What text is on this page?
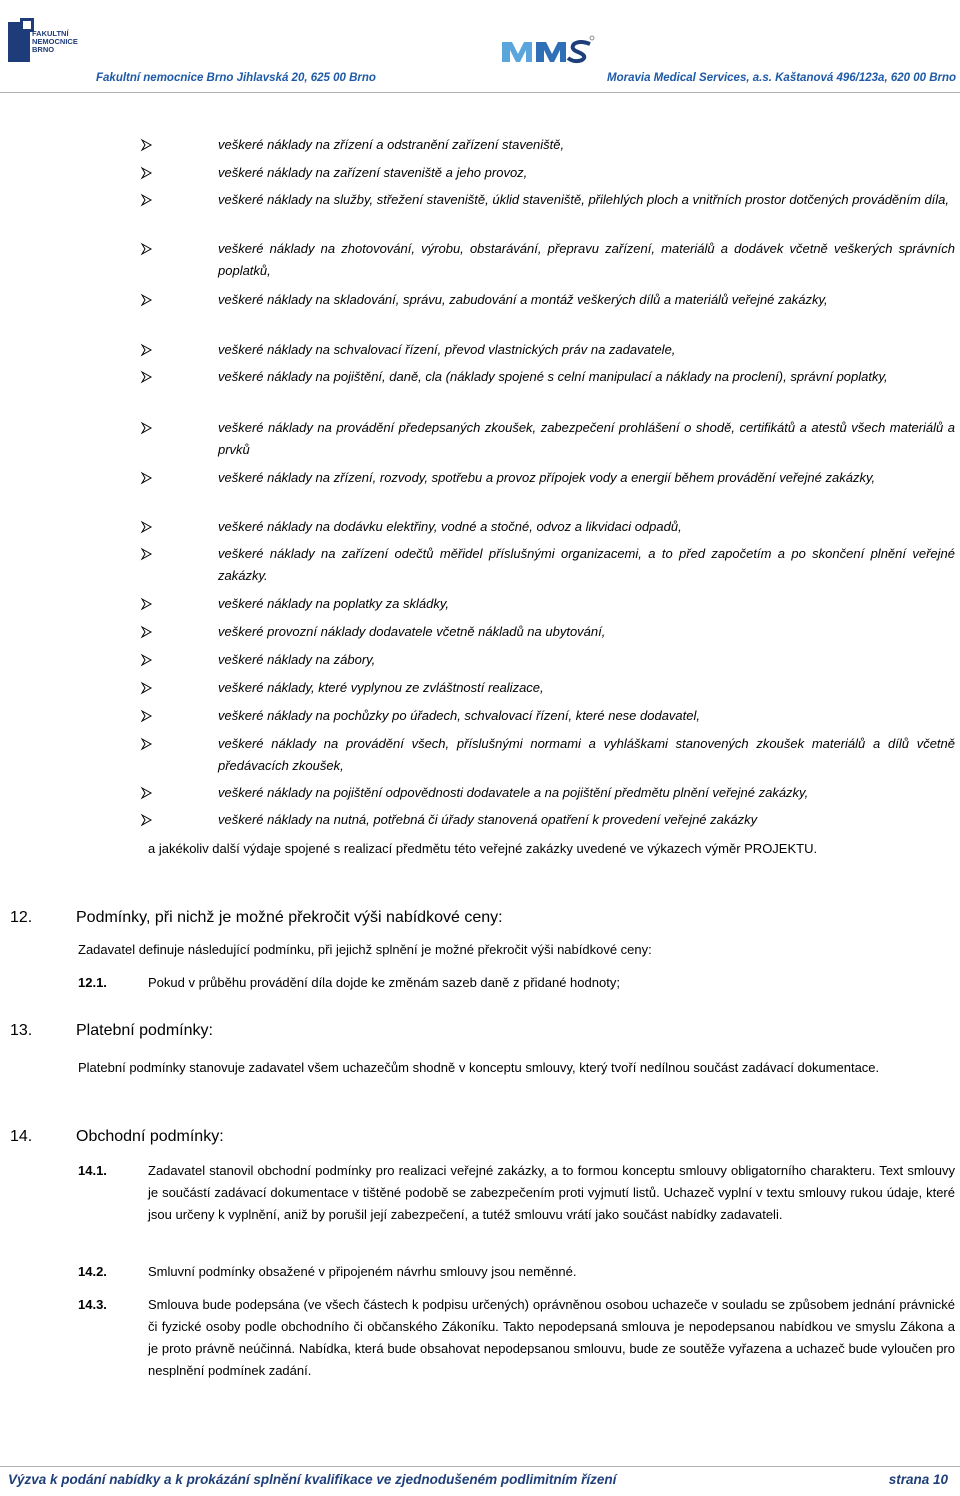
FAKULTNÍ
NEMOCNICE
BRNO
Fakultní nemocnice Brno Jihlavská 20, 625 00 Brno	Moravia Medical Services, a.s. Kaštanová 496/123a, 620 00 Brno
veškeré náklady na zřízení a odstranění zařízení staveniště,
veškeré náklady na zařízení staveniště a jeho provoz,
veškeré náklady na služby, střežení staveniště, úklid staveniště, přilehlých ploch a vnitřních prostor dotčených prováděním díla,
veškeré náklady na zhotovování, výrobu, obstarávání, přepravu zařízení, materiálů a dodávek včetně veškerých správních poplatků,
veškeré náklady na skladování, správu, zabudování a montáž veškerých dílů a materiálů veřejné zakázky,
veškeré náklady na schvalovací řízení, převod vlastnických práv na zadavatele,
veškeré náklady na pojištění, daně, cla (náklady spojené s celní manipulací a náklady na proclení), správní poplatky,
veškeré náklady na provádění předepsaných zkoušek, zabezpečení prohlášení o shodě, certifikátů a atestů všech materiálů a prvků
veškeré náklady na zřízení, rozvody, spotřebu a provoz přípojek vody a energií během provádění veřejné zakázky,
veškeré náklady na dodávku elektřiny, vodné a stočné, odvoz a likvidaci odpadů,
veškeré náklady na zařízení odečtů měřidel příslušnými organizacemi, a to před započetím a po skončení plnění veřejné zakázky.
veškeré náklady na poplatky za skládky,
veškeré provozní náklady dodavatele včetně nákladů na ubytování,
veškeré náklady na zábory,
veškeré náklady, které vyplynou ze zvláštností realizace,
veškeré náklady na pochůzky po úřadech, schvalovací řízení, které nese dodavatel,
veškeré náklady na provádění všech, příslušnými normami a vyhláškami stanovených zkoušek materiálů a dílů včetně předávacích zkoušek,
veškeré náklady na pojištění odpovědnosti dodavatele a na pojištění předmětu plnění veřejné zakázky,
veškeré náklady na nutná, potřebná či úřady stanovená opatření k provedení veřejné zakázky
a jakékoliv další výdaje spojené s realizací předmětu této veřejné zakázky uvedené ve výkazech výměr PROJEKTU.
12.	Podmínky, při nichž je možné překročit výši nabídkové ceny:
Zadavatel definuje následující podmínku, při jejichž splnění je možné překročit výši nabídkové ceny:
12.1.	Pokud v průběhu provádění díla dojde ke změnám sazeb daně z přidané hodnoty;
13.	Platební podmínky:
Platební podmínky stanovuje zadavatel všem uchazečům shodně v konceptu smlouvy, který tvoří nedílnou součást zadávací dokumentace.
14.	Obchodní podmínky:
14.1.	Zadavatel stanovil obchodní podmínky pro realizaci veřejné zakázky, a to formou konceptu smlouvy obligatorního charakteru. Text smlouvy je součástí zadávací dokumentace v tištěné podobě se zabezpečením proti vyjmutí listů. Uchazeč vyplní v textu smlouvy rukou údaje, které jsou určeny k vyplnění, aniž by porušil její zabezpečení, a tutéž smlouvu vrátí jako součást nabídky zadavateli.
14.2.	Smluvní podmínky obsažené v připojeném návrhu smlouvy jsou neměnné.
14.3.	Smlouva bude podepsána (ve všech částech k podpisu určených) oprávněnou osobou uchazeče v souladu se způsobem jednání právnické či fyzické osoby podle obchodního či občanského Zákoníku. Takto nepodepsaná smlouva je nepodepsanou nabídkou ve smyslu Zákona a je proto právně neúčinná. Nabídka, která bude obsahovat nepodepsanou smlouvu, bude ze soutěže vyřazena a uchazeč bude vyloučen pro nesplnění podmínek zadání.
Výzva k podání nabídky a k prokázání splnění kvalifikace ve zjednodušeném podlimitním řízení	strana 10
